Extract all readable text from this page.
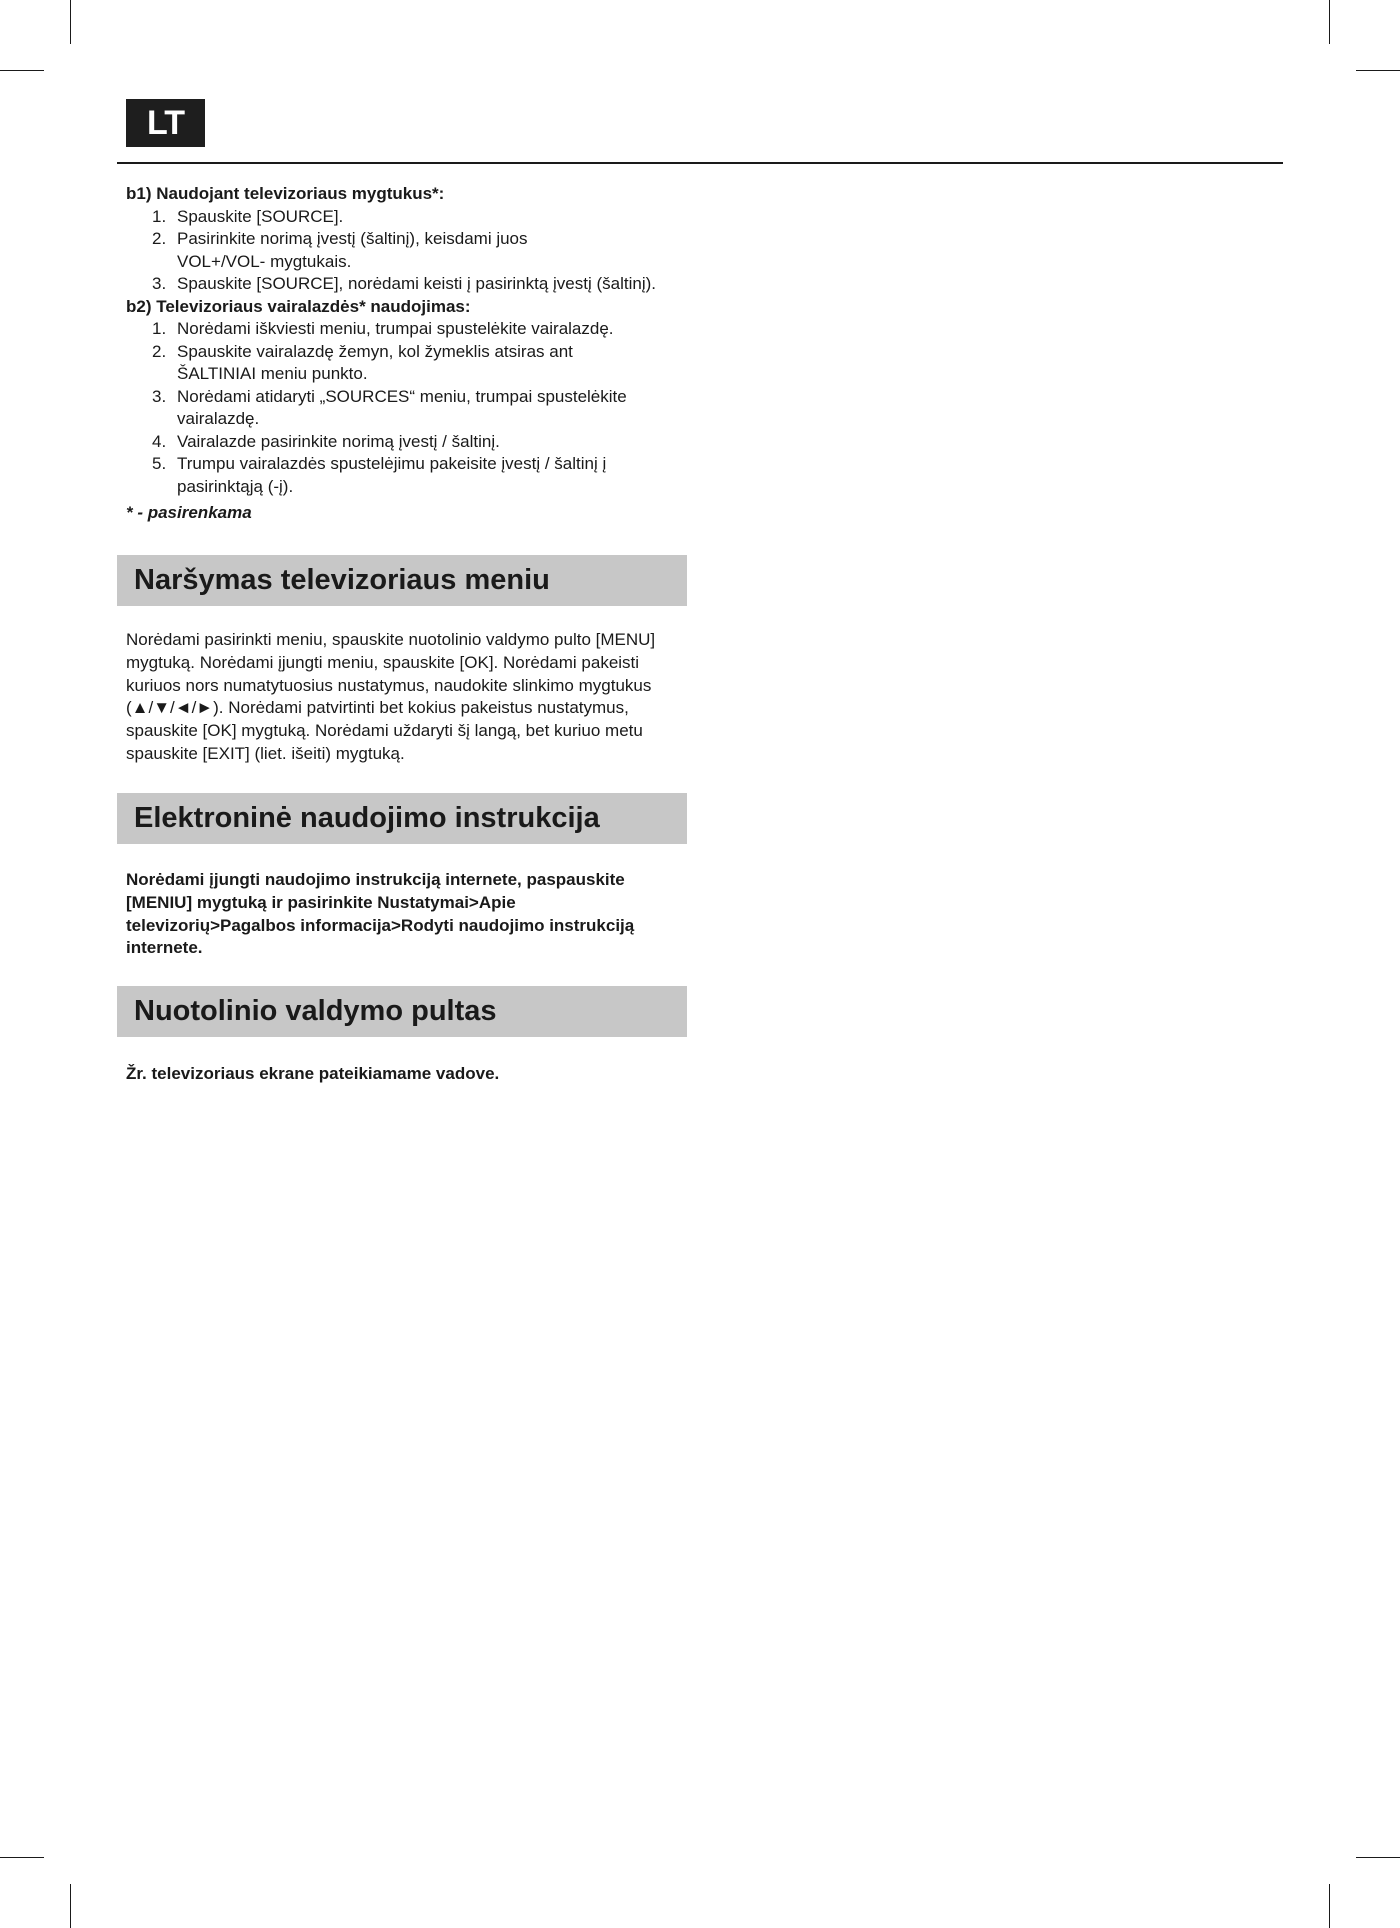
LT

b1) Naudojant televizoriaus mygtukus*:

1. Spauskite [SOURCE].
2. Pasirinkite norimą įvestį (šaltinį), keisdami juos VOL+/VOL- mygtukais.
3. Spauskite [SOURCE], norėdami keisti į pasirinktą įvestį (šaltinį).

b2) Televizoriaus vairalazdės* naudojimas:

1. Norėdami iškviesti meniu, trumpai spustelėkite vairalazdę.
2. Spauskite vairalazdę žemyn, kol žymeklis atsiras ant ŠALTINIAI meniu punkto.
3. Norėdami atidaryti „SOURCES“ meniu, trumpai spustelėkite vairalazdę.
4. Vairalazde pasirinkite norimą įvestį / šaltinį.
5. Trumpu vairalazdės spustelėjimu pakeisite įvestį / šaltinį į pasirinktąją (-į).

* - pasirenkama

Naršymas televizoriaus meniu

Norėdami pasirinkti meniu, spauskite nuotolinio valdymo pulto [MENU] mygtuką. Norėdami įjungti meniu, spauskite [OK]. Norėdami pakeisti kuriuos nors numatytuosius nustatymus, naudokite slinkimo mygtukus (▲/▼/◄/►). Norėdami patvirtinti bet kokius pakeistus nustatymus, spauskite [OK] mygtuką. Norėdami uždaryti šį langą, bet kuriuo metu spauskite [EXIT] (liet. išeiti) mygtuką.

Elektroninė naudojimo instrukcija

Norėdami įjungti naudojimo instrukciją internete, paspauskite [MENIU] mygtuką ir pasirinkite Nustatymai>Apie televizorių>Pagalbos informacija>Rodyti naudojimo instrukciją internete.

Nuotolinio valdymo pultas

Žr. televizoriaus ekrane pateikiamame vadove.
